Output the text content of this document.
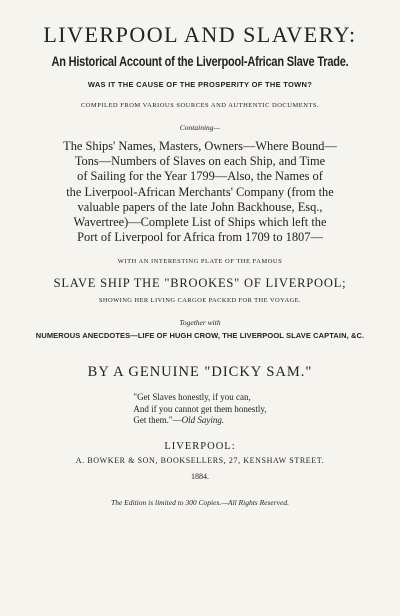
LIVERPOOL AND SLAVERY:
An Historical Account of the Liverpool-African Slave Trade.
WAS IT THE CAUSE OF THE PROSPERITY OF THE TOWN?
COMPILED FROM VARIOUS SOURCES AND AUTHENTIC DOCUMENTS.
Containing—
The Ships' Names, Masters, Owners—Where Bound—
Tons—Numbers of Slaves on each Ship, and Time
of Sailing for the Year 1799—Also, the Names of
the Liverpool-African Merchants' Company (from the
valuable papers of the late John Backhouse, Esq.,
Wavertree)—Complete List of Ships which left the
Port of Liverpool for Africa from 1709 to 1807—
WITH AN INTERESTING PLATE OF THE FAMOUS
SLAVE SHIP THE "BROOKES" OF LIVERPOOL;
SHOWING HER LIVING CARGOE PACKED FOR THE VOYAGE.
Together with
NUMEROUS ANECDOTES—LIFE OF HUGH CROW, THE LIVERPOOL SLAVE CAPTAIN, &C.
BY A GENUINE "DICKY SAM."
"Get Slaves honestly, if you can,
And if you cannot get them honestly,
Get them."—Old Saying.
LIVERPOOL:
A. BOWKER & SON, BOOKSELLERS, 27, KENSHAW STREET.
1884.
The Edition is limited to 300 Copies.—All Rights Reserved.
